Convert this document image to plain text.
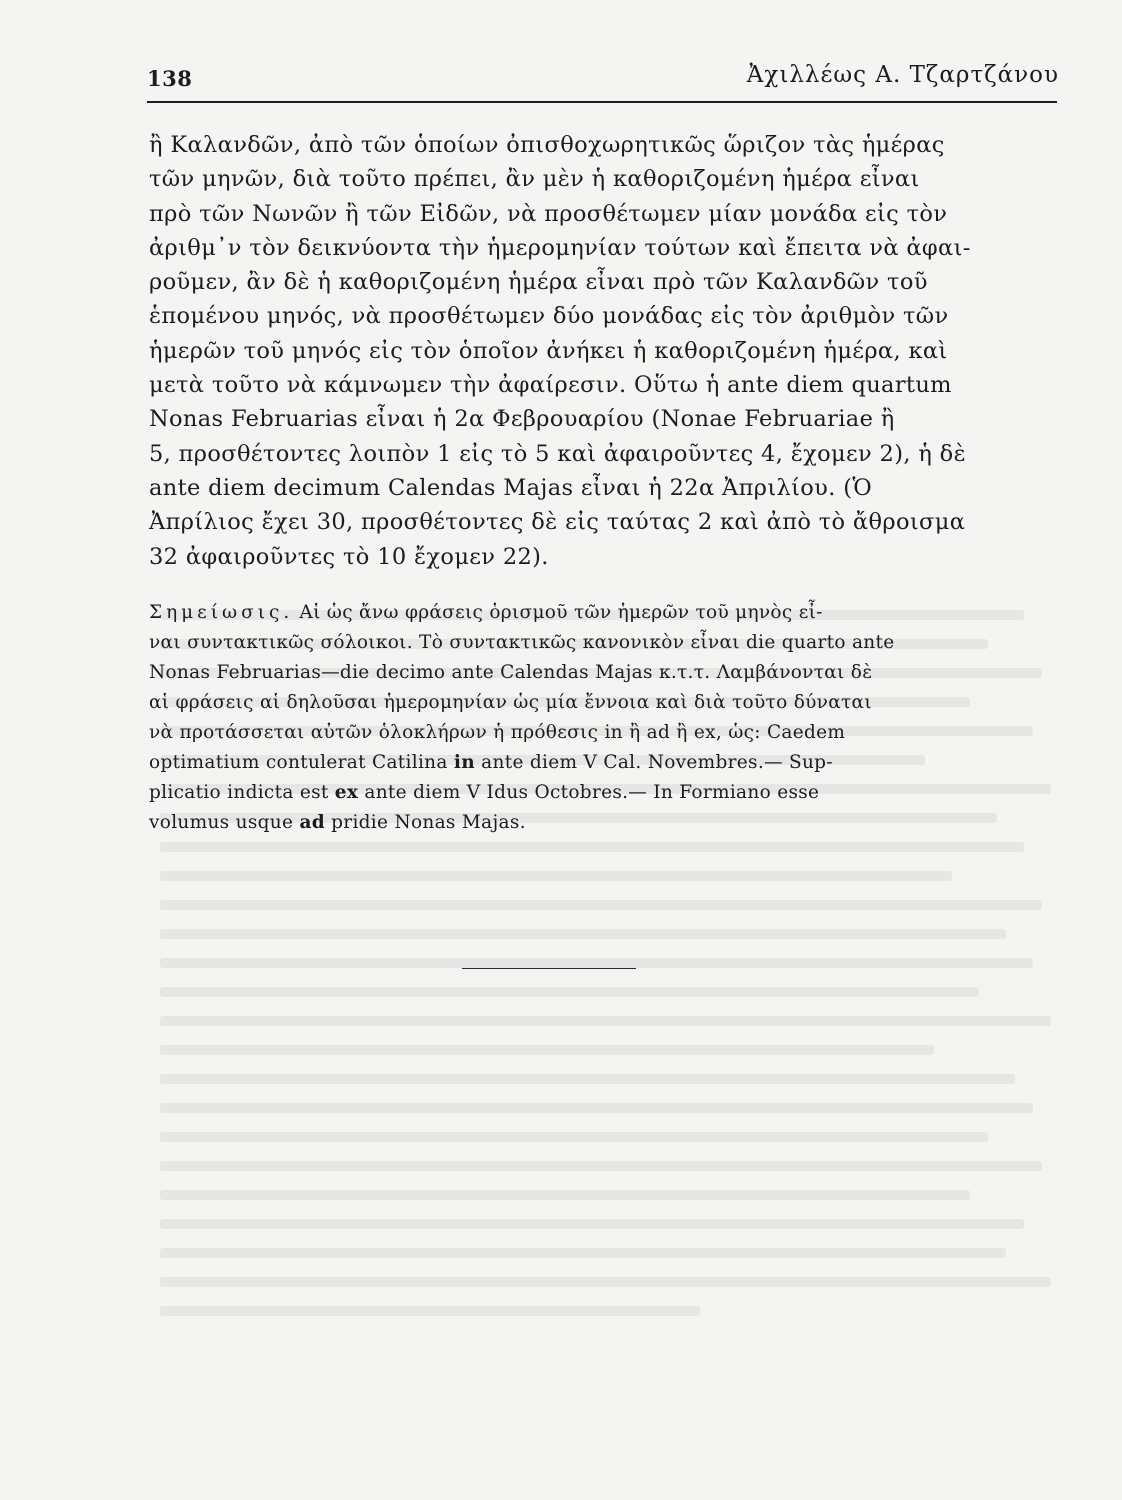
138	Ἀχιλλέως Α. Τζαρτζάνου
ἢ Καλανδῶν, ἀπὸ τῶν ὁποίων ὀπισθοχωρητικῶς ὥριζον τὰς ἡμέρας
τῶν μηνῶν, διὰ τοῦτο πρέπει, ἂν μὲν ἡ καθοριζομένη ἡμέρα εἶναι
πρὸ τῶν Νωνῶν ἢ τῶν Εἰδῶν, νὰ προσθέτωμεν μίαν μονάδα εἰς τὸν
ἀριθμ᾿ν τὸν δεικνύοντα τὴν ἡμερομηνίαν τούτων καὶ ἔπειτα νὰ ἀφαι-
ροῦμεν, ἂν δὲ ἡ καθοριζομένη ἡμέρα εἶναι πρὸ τῶν Καλανδῶν τοῦ
ἑπομένου μηνός, νὰ προσθέτωμεν δύο μονάδας εἰς τὸν ἀριθμὸν τῶν
ἡμερῶν τοῦ μηνός εἰς τὸν ὁποῖον ἀνήκει ἡ καθοριζομένη ἡμέρα, καὶ
μετὰ τοῦτο νὰ κάμνωμεν τὴν ἀφαίρεσιν. Οὕτω ἡ ante diem quartum
Nonas Februarias εἶναι ἡ 2α Φεβρουαρίου (Nonae Februariae ἢ
5, προσθέτοντες λοιπὸν 1 εἰς τὸ 5 καὶ ἀφαιροῦντες 4, ἔχομεν 2), ἡ δὲ
ante diem decimum Calendas Majas εἶναι ἡ 22α Ἀπριλίου. (Ὁ
Ἀπρίλιος ἔχει 30, προσθέτοντες δὲ εἰς ταύτας 2 καὶ ἀπὸ τὸ ἄθροισμα
32 ἀφαιροῦντες τὸ 10 ἔχομεν 22).
Σημείωσις. Αἱ ὡς ἄνω φράσεις ὁρισμοῦ τῶν ἡμερῶν τοῦ μηνὸς εἶ-
ναι συντακτικῶς σόλοικοι. Τὸ συντακτικῶς κανονικὸν εἶναι die quarto ante
Nonas Februarias—die decimo ante Calendas Majas κ.τ.τ. Λαμβάνονται δὲ
αἱ φράσεις αἱ δηλοῦσαι ἡμερομηνίαν ὡς μία ἔννοια καὶ διὰ τοῦτο δύναται
νὰ προτάσσεται αὐτῶν ὁλοκλήρων ἡ πρόθεσις in ἢ ad ἢ ex, ὡς: Caedem
optimatium contulerat Catilina in ante diem V Cal. Novembres.— Sup-
plicatio indicta est ex ante diem V Idus Octobres.— In Formiano esse
volumus usque ad pridie Nonas Majas.
